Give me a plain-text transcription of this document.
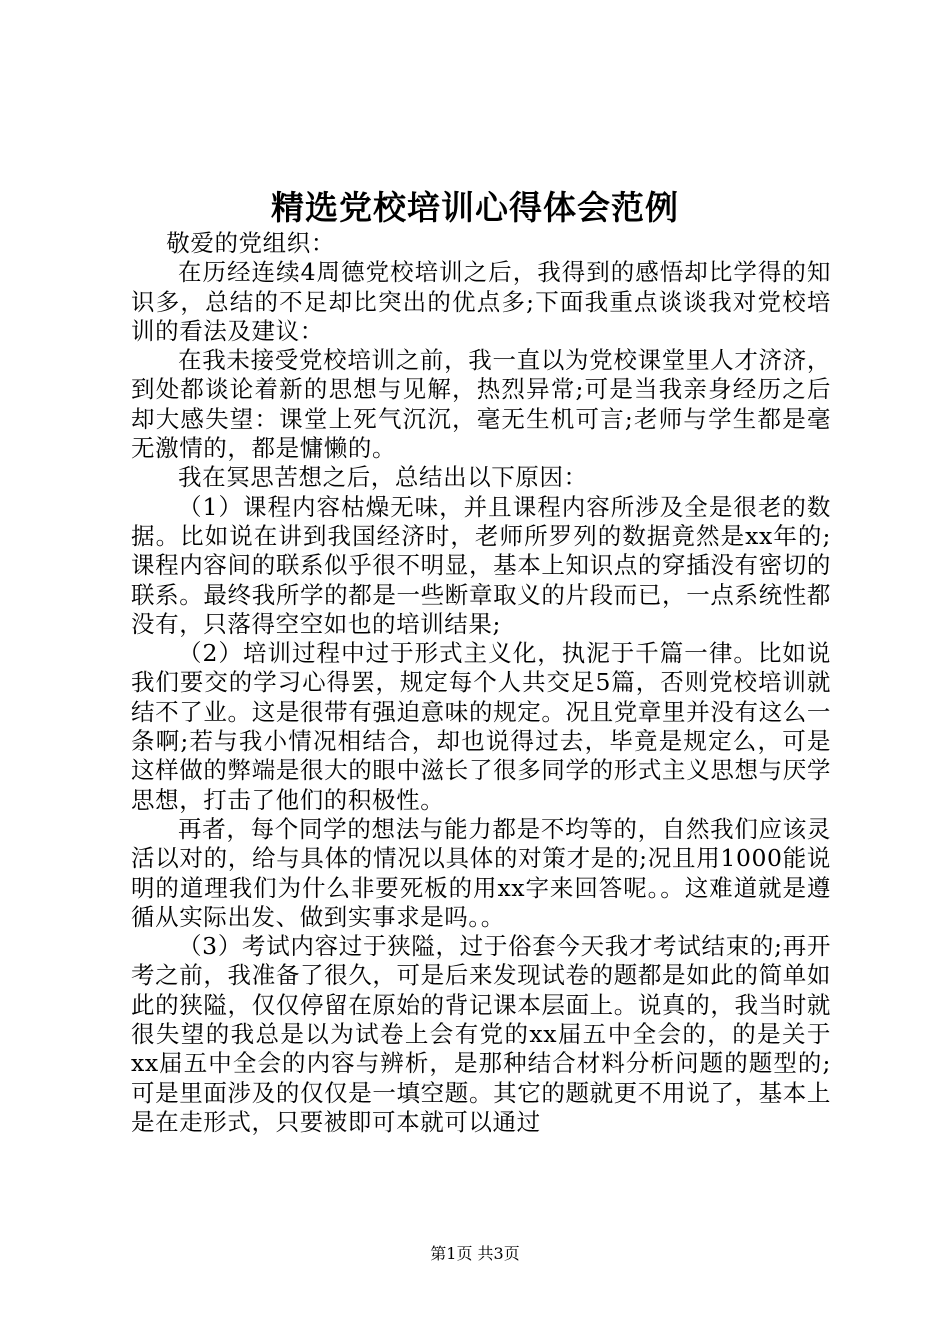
精选党校培训心得体会范例

敬爱的党组织：

在历经连续4周德党校培训之后，我得到的感悟却比学得的知识多，总结的不足却比突出的优点多;下面我重点谈谈我对党校培训的看法及建议：

在我未接受党校培训之前，我一直以为党校课堂里人才济济，到处都谈论着新的思想与见解，热烈异常;可是当我亲身经历之后却大感失望：课堂上死气沉沉，毫无生机可言;老师与学生都是毫无激情的，都是慵懒的。

我在冥思苦想之后，总结出以下原因：

（1）课程内容枯燥无味，并且课程内容所涉及全是很老的数据。比如说在讲到我国经济时，老师所罗列的数据竟然是xx年的;课程内容间的联系似乎很不明显，基本上知识点的穿插没有密切的联系。最终我所学的都是一些断章取义的片段而已，一点系统性都没有，只落得空空如也的培训结果;

（2）培训过程中过于形式主义化，执泥于千篇一律。比如说我们要交的学习心得罢，规定每个人共交足5篇，否则党校培训就结不了业。这是很带有强迫意味的规定。况且党章里并没有这么一条啊;若与我小情况相结合，却也说得过去，毕竟是规定么，可是这样做的弊端是很大的眼中滋长了很多同学的形式主义思想与厌学思想，打击了他们的积极性。

再者，每个同学的想法与能力都是不均等的，自然我们应该灵活以对的，给与具体的情况以具体的对策才是的;况且用1000能说明的道理我们为什么非要死板的用xx字来回答呢。。这难道就是遵循从实际出发、做到实事求是吗。。

（3）考试内容过于狭隘，过于俗套今天我才考试结束的;再开考之前，我准备了很久，可是后来发现试卷的题都是如此的简单如此的狭隘，仅仅停留在原始的背记课本层面上。说真的，我当时就很失望的我总是以为试卷上会有党的xx届五中全会的，的是关于xx届五中全会的内容与辨析，是那种结合材料分析问题的题型的;可是里面涉及的仅仅是一填空题。其它的题就更不用说了，基本上是在走形式，只要被即可本就可以通过

第1页 共3页
